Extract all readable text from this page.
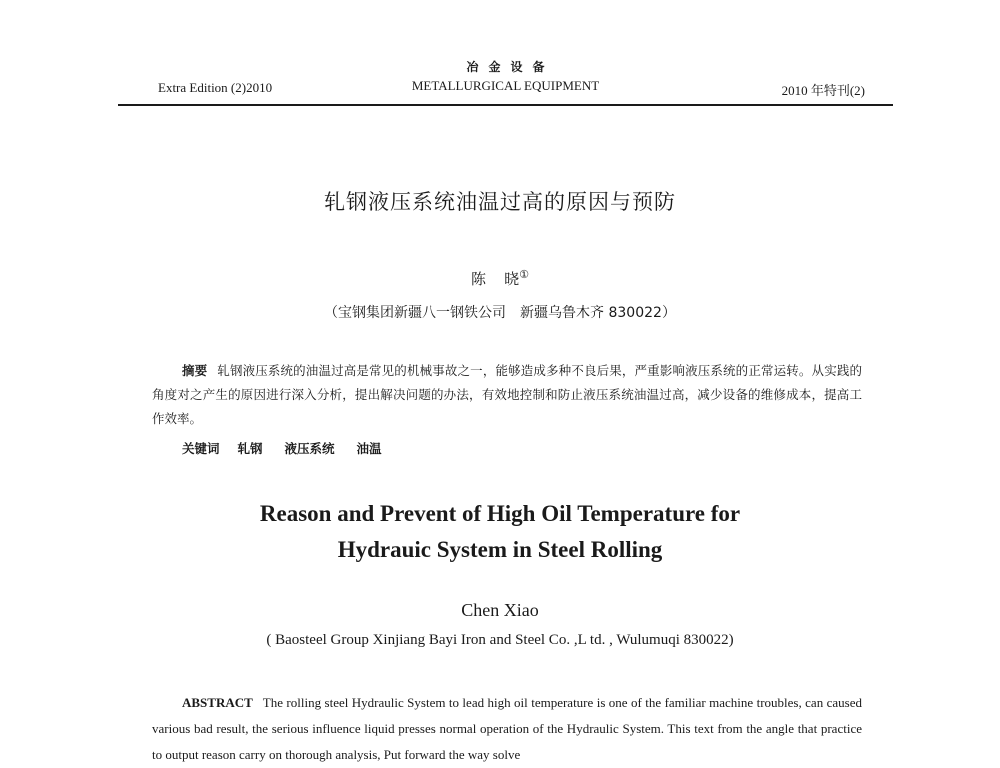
Extra Edition (2)2010
冶金设备
METALLURGICAL EQUIPMENT	2010 年特刊(2)
轧钢液压系统油温过高的原因与预防
陈 晓①
（宝钢集团新疆八一钢铁公司　新疆乌鲁木齐 830022）
摘要 轧钢液压系统的油温过高是常见的机械事故之一，能够造成多种不良后果，严重影响液压系统的正常运转。从实践的角度对之产生的原因进行深入分析，提出解决问题的办法，有效地控制和防止液压系统油温过高，减少设备的维修成本，提高工作效率。
关键词 轧钢 液压系统 油温
Reason and Prevent of High Oil Temperature for
Hydrauic System in Steel Rolling
Chen Xiao
( Baosteel Group Xinjiang Bayi Iron and Steel Co. ,L td. , Wulumuqi 830022)
ABSTRACT The rolling steel Hydraulic System to lead high oil temperature is one of the familiar machine troubles, can caused various bad result, the serious influence liquid presses normal operation of the Hydraulic System. This text from the angle that practice to output reason carry on thorough analysis, Put forward the way solve
